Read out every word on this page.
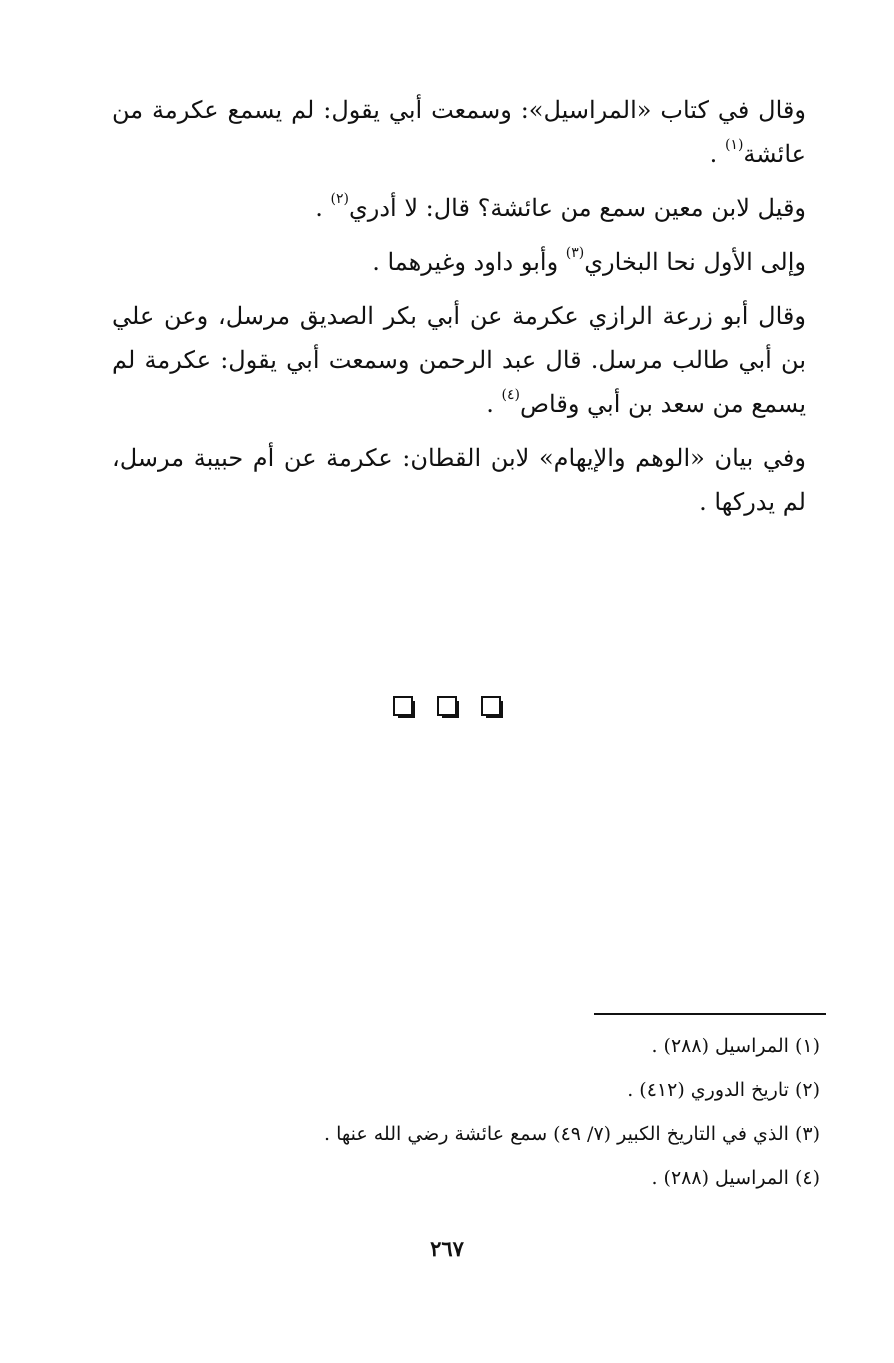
وقال في كتاب «المراسيل»: وسمعت أبي يقول: لم يسمع عكرمة من عائشة$^{(١)}$ .

وقيل لابن معين سمع من عائشة؟ قال: لا أدري$^{(٢)}$ .

وإلى الأول نحا البخاري$^{(٣)}$ وأبو داود وغيرهما .

وقال أبو زرعة الرازي عكرمة عن أبي بكر الصديق مرسل، وعن علي بن أبي طالب مرسل. قال عبد الرحمن وسمعت أبي يقول: عكرمة لم يسمع من سعد بن أبي وقاص$^{(٤)}$ .

وفي بيان «الوهم والإيهام» لابن القطان: عكرمة عن أم حبيبة مرسل، لم يدركها .

(١) المراسيل (٢٨٨) .
(٢) تاريخ الدوري (٤١٢) .
(٣) الذي في التاريخ الكبير (٧/ ٤٩) سمع عائشة رضي الله عنها .
(٤) المراسيل (٢٨٨) .
٢٦٧
